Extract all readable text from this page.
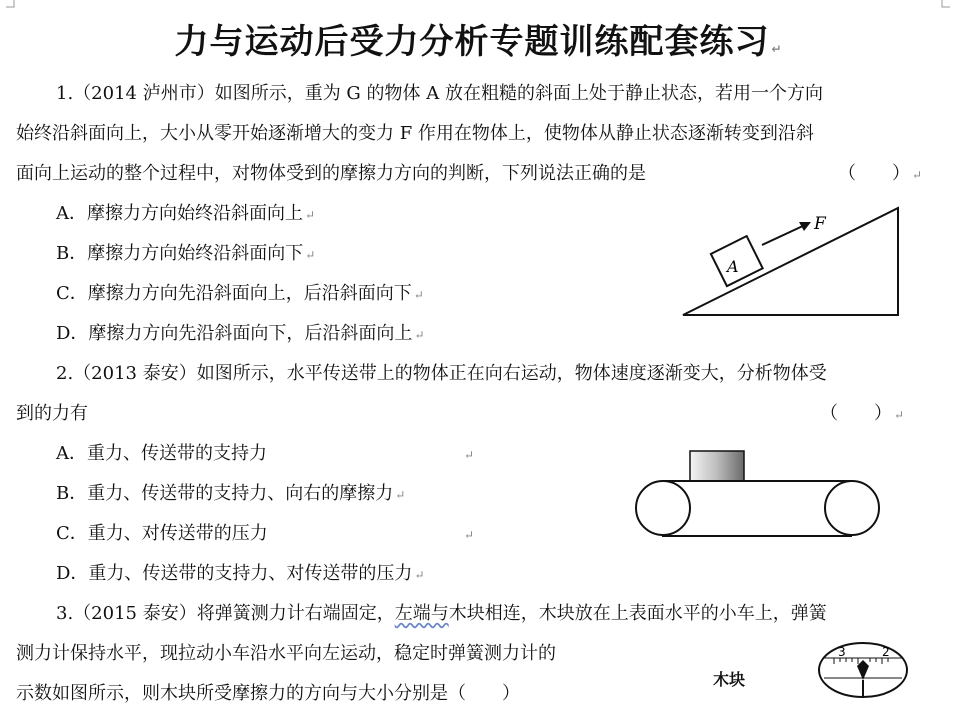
力与运动后受力分析专题训练配套练习 ↵
1.（2014 泸州市）如图所示，重为 G 的物体 A 放在粗糙的斜面上处于静止状态，若用一个方向
始终沿斜面向上，大小从零开始逐渐增大的变力 F 作用在物体上，使物体从静止状态逐渐转变到沿斜
面向上运动的整个过程中，对物体受到的摩擦力方向的判断，下列说法正确的是	（　　） ↵
A．摩擦力方向始终沿斜面向上 ↵
B．摩擦力方向始终沿斜面向下 ↵
C．摩擦力方向先沿斜面向上，后沿斜面向下 ↵
D．摩擦力方向先沿斜面向下，后沿斜面向上 ↵
A
F
2.（2013 泰安）如图所示，水平传送带上的物体正在向右运动，物体速度逐渐变大，分析物体受
到的力有	（　　） ↵
A．重力、传送带的支持力	↵
B．重力、传送带的支持力、向右的摩擦力 ↵
C．重力、对传送带的压力	↵
D．重力、传送带的支持力、对传送带的压力 ↵
3.（2015 泰安）将弹簧测力计右端固定，左端与木块相连，木块放在上表面水平的小车上，弹簧
测力计保持水平，现拉动小车沿水平向左运动，稳定时弹簧测力计的
示数如图所示，则木块所受摩擦力的方向与大小分别是（　　）
木块
3	2
